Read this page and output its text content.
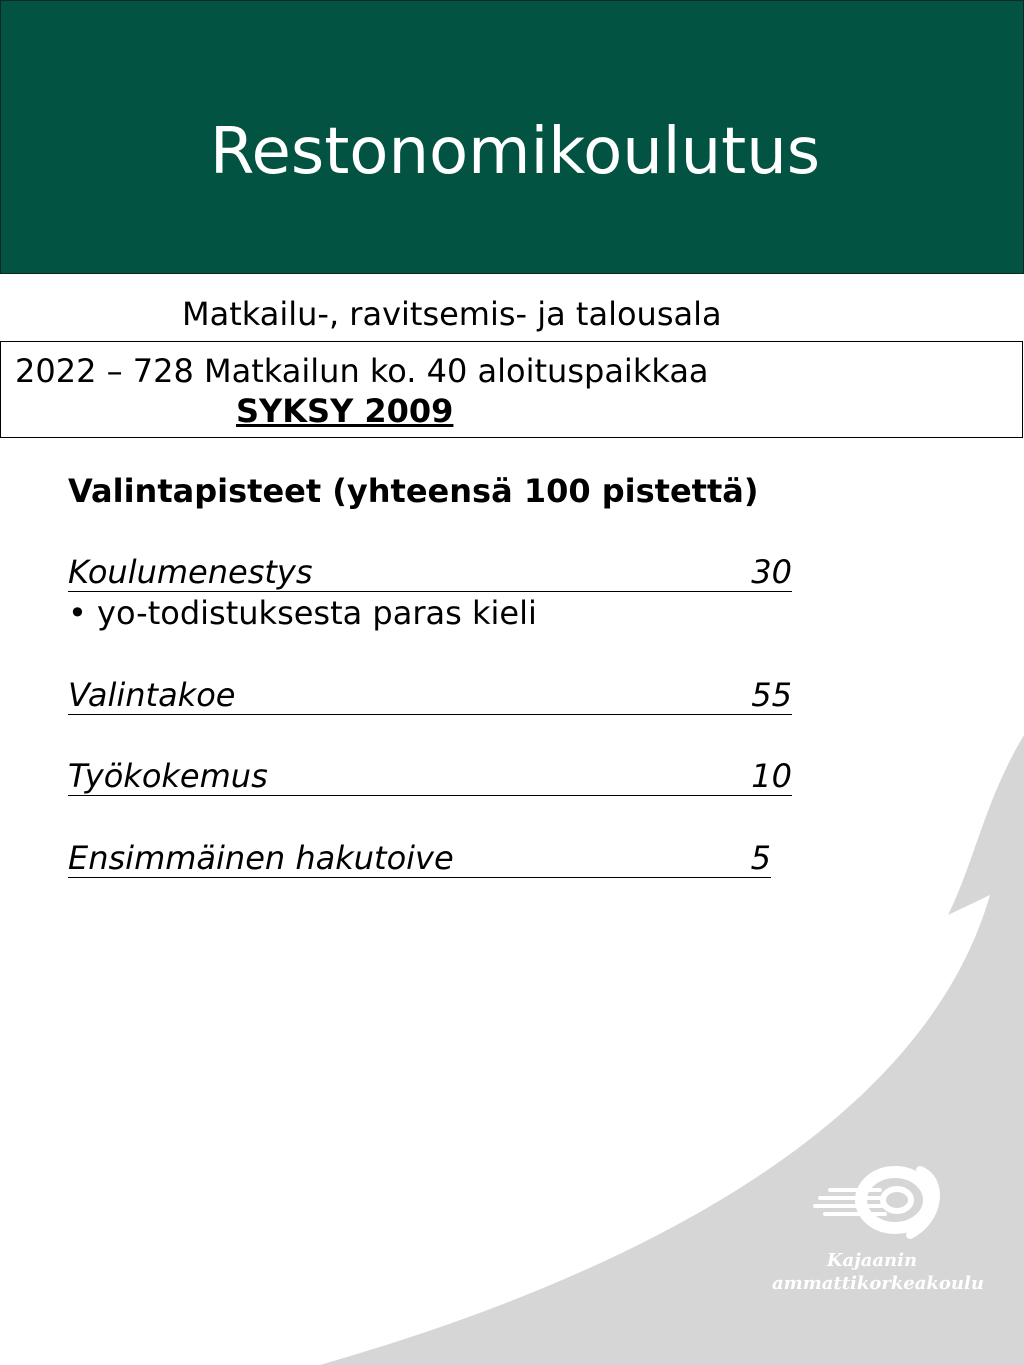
Restonomikoulutus
Matkailu-, ravitsemis- ja talousala
2022 – 728 Matkailun ko. 40 aloituspaikkaa
SYKSY 2009
Valintapisteet (yhteensä 100 pistettä)
Koulumenestys	30
• yo-todistuksesta paras kieli
Valintakoe	55
Työkokemus	10
Ensimmäinen hakutoive	5
Kajaanin
ammattikorkeakoulu
